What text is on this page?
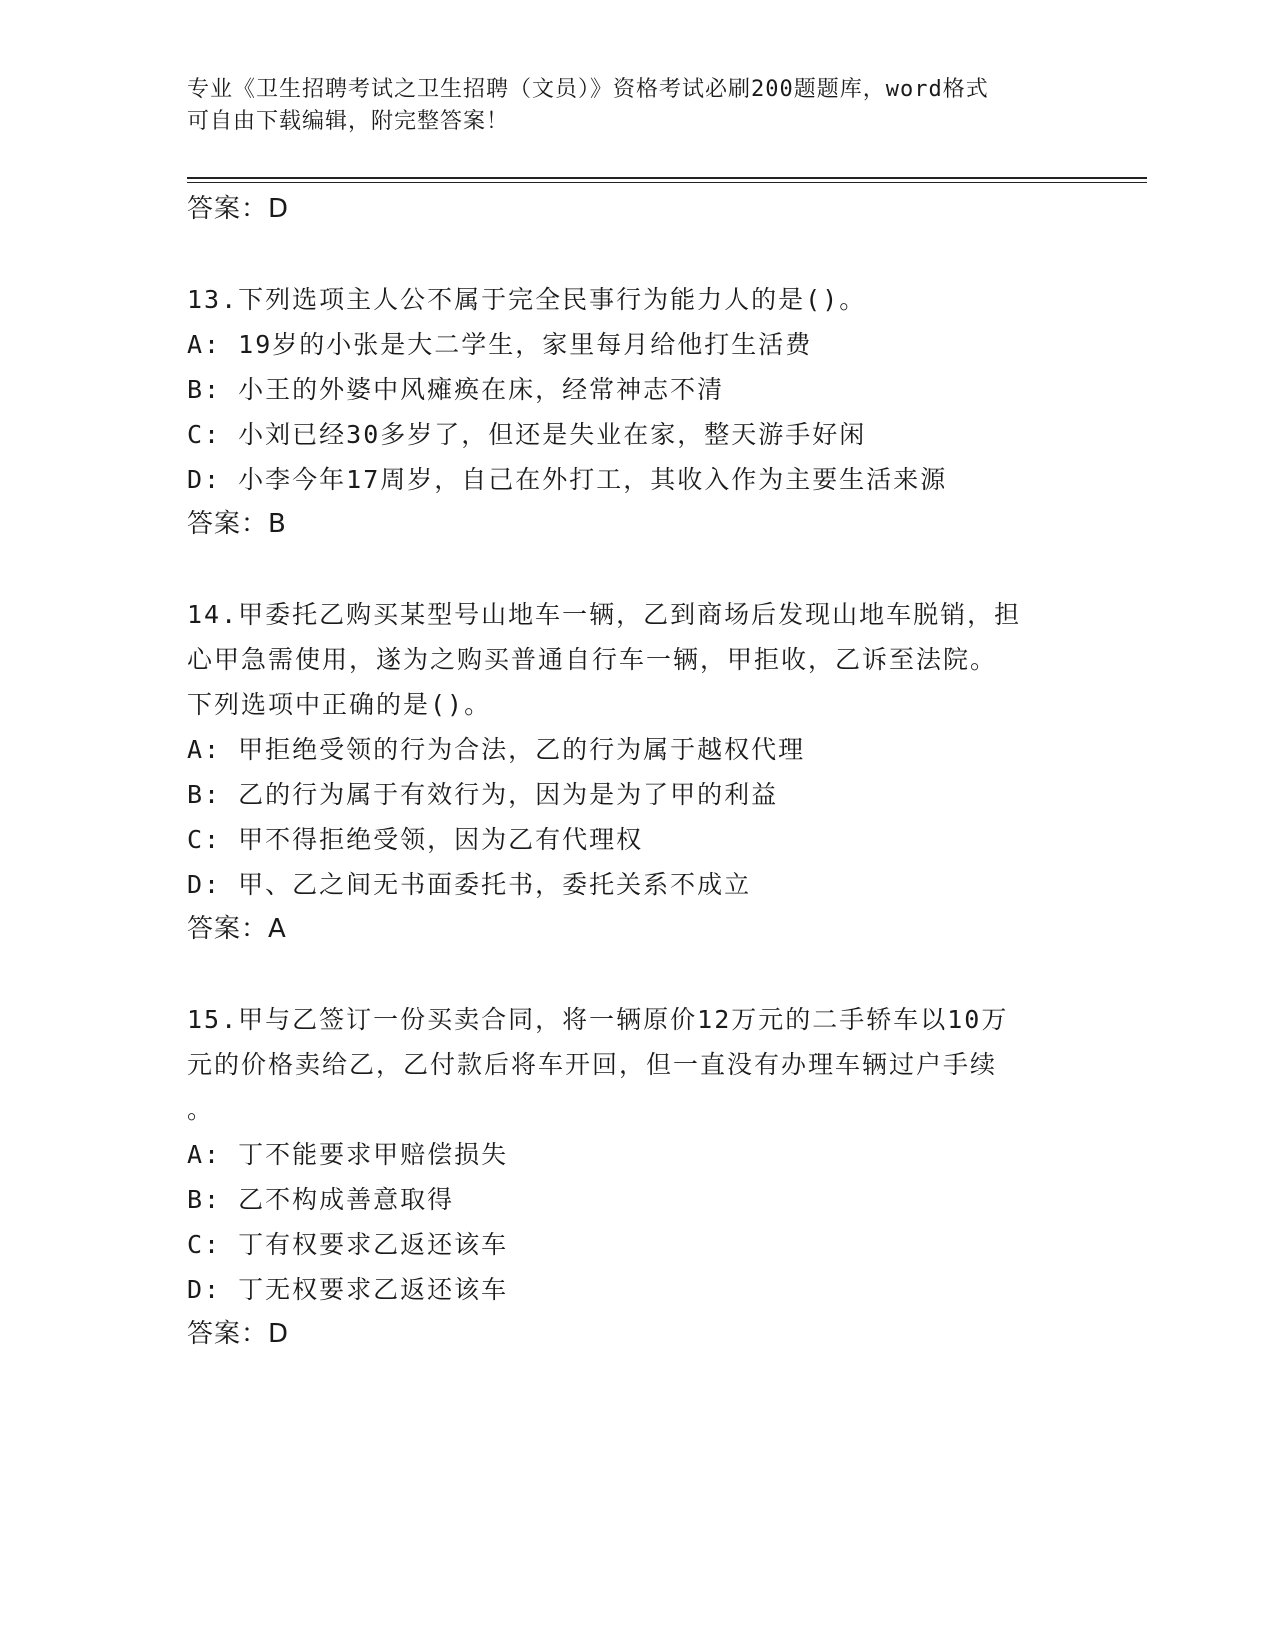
专业《卫生招聘考试之卫生招聘（文员）》资格考试必刷200题题库，word格式
可自由下载编辑，附完整答案！
答案：D
13.下列选项主人公不属于完全民事行为能力人的是()。
A: 19岁的小张是大二学生，家里每月给他打生活费
B: 小王的外婆中风瘫痪在床，经常神志不清
C: 小刘已经30多岁了，但还是失业在家，整天游手好闲
D: 小李今年17周岁，自己在外打工，其收入作为主要生活来源
答案：B
14.甲委托乙购买某型号山地车一辆，乙到商场后发现山地车脱销，担
心甲急需使用，遂为之购买普通自行车一辆，甲拒收，乙诉至法院。
下列选项中正确的是()。
A: 甲拒绝受领的行为合法，乙的行为属于越权代理
B: 乙的行为属于有效行为，因为是为了甲的利益
C: 甲不得拒绝受领，因为乙有代理权
D: 甲、乙之间无书面委托书，委托关系不成立
答案：A
15.甲与乙签订一份买卖合同，将一辆原价12万元的二手轿车以10万
元的价格卖给乙，乙付款后将车开回，但一直没有办理车辆过户手续
。
A: 丁不能要求甲赔偿损失
B: 乙不构成善意取得
C: 丁有权要求乙返还该车
D: 丁无权要求乙返还该车
答案：D
